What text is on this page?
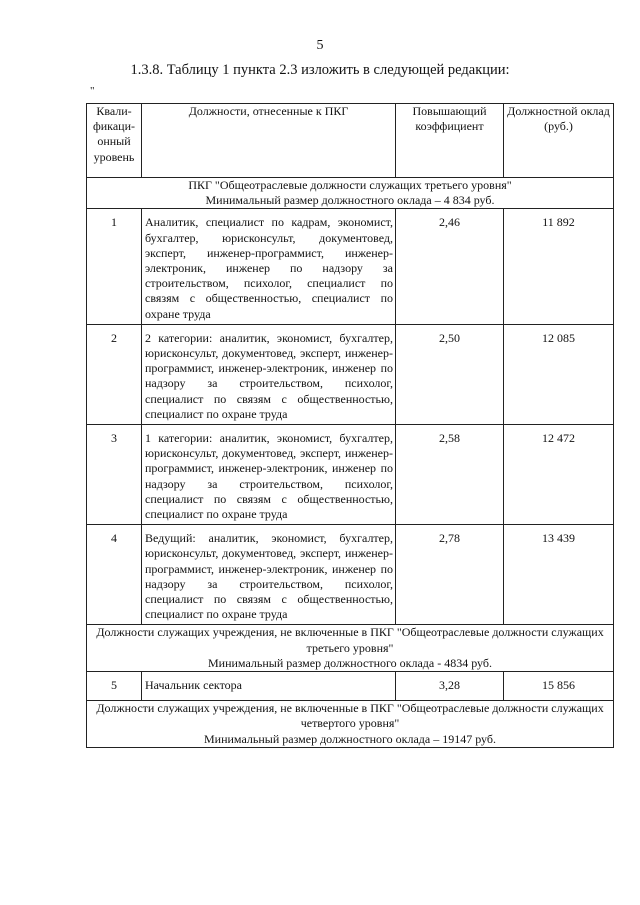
5
1.3.8. Таблицу 1 пункта 2.3 изложить в следующей редакции:
"
Квали-фикаци-онный уровень	Должности, отнесенные к ПКГ	Повышающий коэффициент	Должностной оклад (руб.)

ПКГ "Общеотраслевые должности служащих третьего уровня"
Минимальный размер должностного оклада – 4 834 руб.			

1	Аналитик, специалист по кадрам, экономист, бухгалтер, юрисконсульт, документовед, эксперт, инженер-программист, инженер-электроник, инженер по надзору за строительством, психолог, специалист по связям с общественностью, специалист по охране труда	2,46	11 892
2	2 категории: аналитик, экономист, бухгалтер, юрисконсульт, документовед, эксперт, инженер-программист, инженер-электроник, инженер по надзору за строительством, психолог, специалист по связям с общественностью, специалист по охране труда	2,50	12 085
3	1 категории: аналитик, экономист, бухгалтер, юрисконсульт, документовед, эксперт, инженер-программист, инженер-электроник, инженер по надзору за строительством, психолог, специалист по связям с общественностью, специалист по охране труда	2,58	12 472
4	Ведущий: аналитик, экономист, бухгалтер, юрисконсульт, документовед, эксперт, инженер-программист, инженер-электроник, инженер по надзору за строительством, психолог, специалист по связям с общественностью, специалист по охране труда	2,78	13 439

Должности служащих учреждения, не включенные в ПКГ "Общеотраслевые должности служащих третьего уровня"
Минимальный размер должностного оклада - 4834 руб.			

5	Начальник сектора	3,28	15 856

Должности служащих учреждения, не включенные в ПКГ "Общеотраслевые должности служащих четвертого уровня"
Минимальный размер должностного оклада – 19147 руб.			
